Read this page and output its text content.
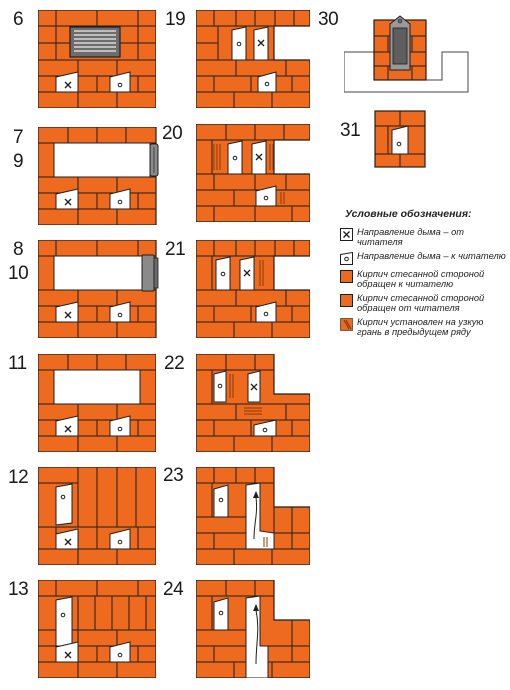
6	19	30
7
9
20	31
8
10
21
11	22
12	23
13	24
Условные обозначения:
Направление дыма – от читателя
Направление дыма – к читателю
Кирпич стесанной стороной обращен к читателю
Кирпич стесанной стороной обращен от читателя
Кирпич установлен на узкую грань в предыдущем ряду
